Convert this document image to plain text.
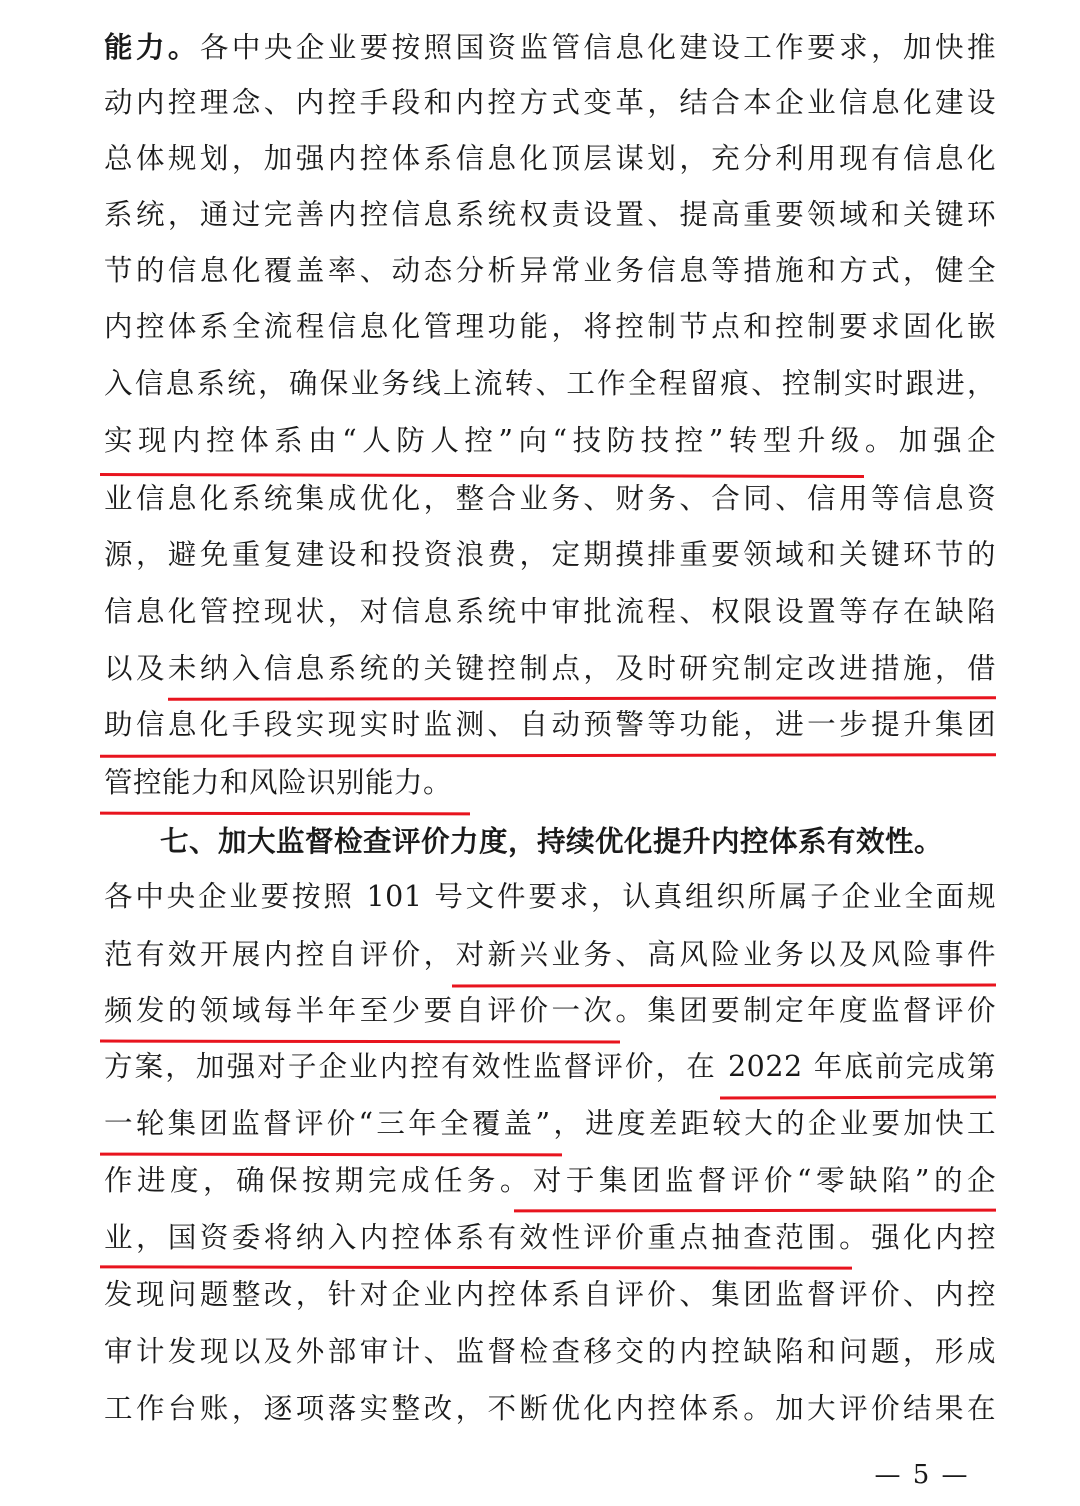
能力。各中央企业要按照国资监管信息化建设工作要求，加快推
动内控理念、内控手段和内控方式变革，结合本企业信息化建设
总体规划，加强内控体系信息化顶层谋划，充分利用现有信息化
系统，通过完善内控信息系统权责设置、提高重要领域和关键环
节的信息化覆盖率、动态分析异常业务信息等措施和方式，健全
内控体系全流程信息化管理功能，将控制节点和控制要求固化嵌
入信息系统，确保业务线上流转、工作全程留痕、控制实时跟进，
实现内控体系由“人防人控”向“技防技控”转型升级。加强企
业信息化系统集成优化，整合业务、财务、合同、信用等信息资
源，避免重复建设和投资浪费，定期摸排重要领域和关键环节的
信息化管控现状，对信息系统中审批流程、权限设置等存在缺陷
以及未纳入信息系统的关键控制点，及时研究制定改进措施，借
助信息化手段实现实时监测、自动预警等功能，进一步提升集团
管控能力和风险识别能力。
七、加大监督检查评价力度，持续优化提升内控体系有效性。
各中央企业要按照 101 号文件要求，认真组织所属子企业全面规
范有效开展内控自评价，对新兴业务、高风险业务以及风险事件
频发的领域每半年至少要自评价一次。集团要制定年度监督评价
方案，加强对子企业内控有效性监督评价，在 2022 年底前完成第
一轮集团监督评价“三年全覆盖”，进度差距较大的企业要加快工
作进度，确保按期完成任务。对于集团监督评价“零缺陷”的企
业，国资委将纳入内控体系有效性评价重点抽查范围。强化内控
发现问题整改，针对企业内控体系自评价、集团监督评价、内控
审计发现以及外部审计、监督检查移交的内控缺陷和问题，形成
工作台账，逐项落实整改，不断优化内控体系。加大评价结果在
— 5 —
